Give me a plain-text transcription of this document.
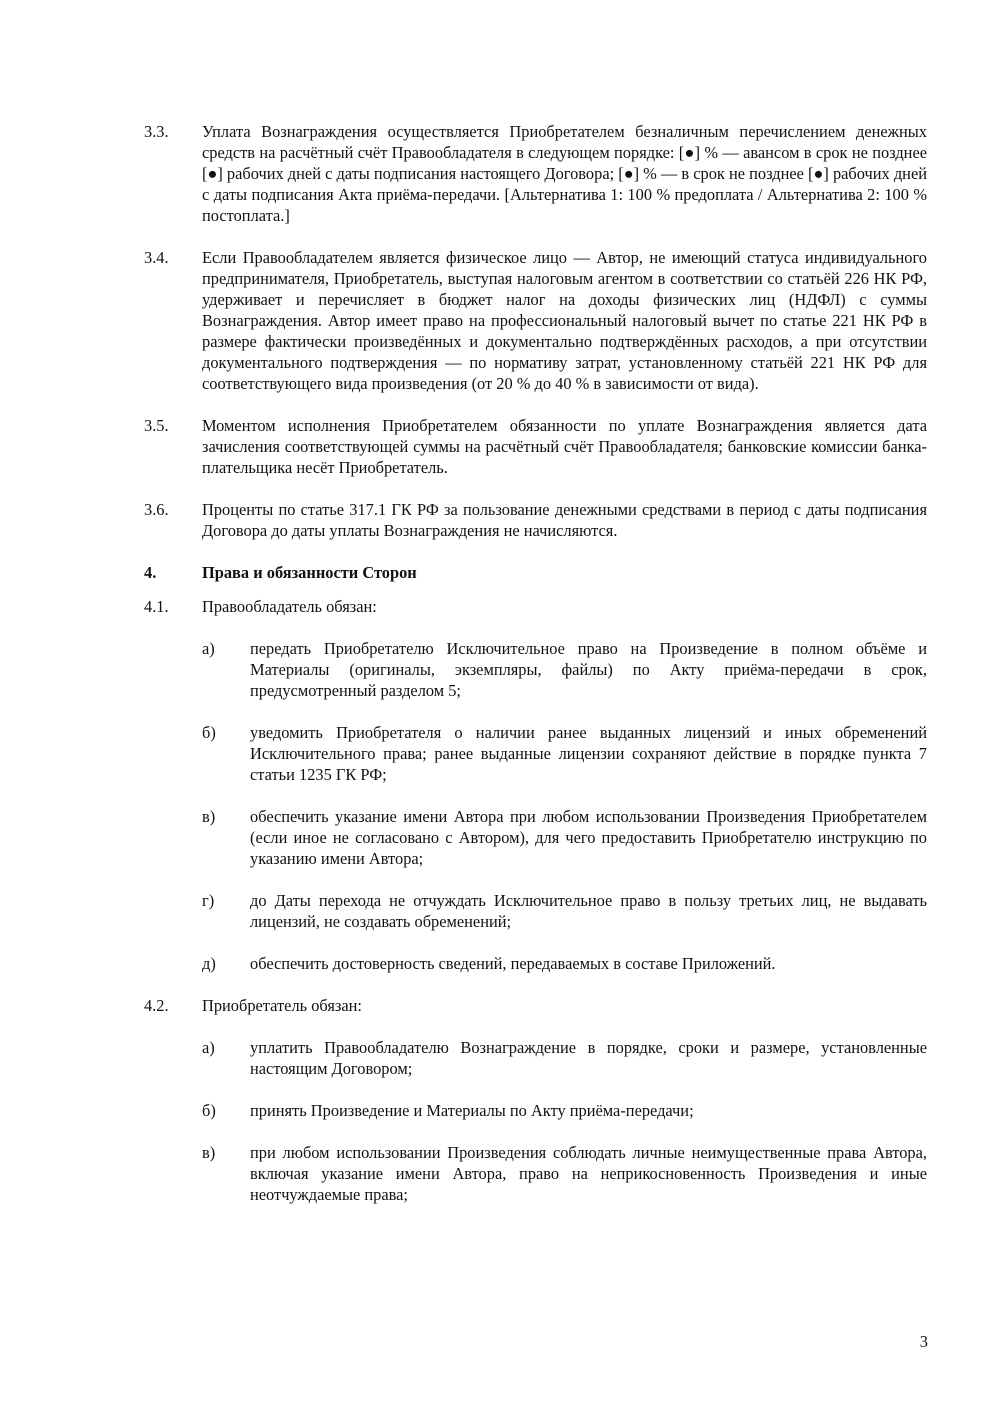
3.3.	Уплата Вознаграждения осуществляется Приобретателем безналичным перечислением денежных средств на расчётный счёт Правообладателя в следующем порядке: [●] % — авансом в срок не позднее [●] рабочих дней с даты подписания настоящего Договора; [●] % — в срок не позднее [●] рабочих дней с даты подписания Акта приёма-передачи. [Альтернатива 1: 100 % предоплата / Альтернатива 2: 100 % постоплата.]
3.4.	Если Правообладателем является физическое лицо — Автор, не имеющий статуса индивидуального предпринимателя, Приобретатель, выступая налоговым агентом в соответствии со статьёй 226 НК РФ, удерживает и перечисляет в бюджет налог на доходы физических лиц (НДФЛ) с суммы Вознаграждения. Автор имеет право на профессиональный налоговый вычет по статье 221 НК РФ в размере фактически произведённых и документально подтверждённых расходов, а при отсутствии документального подтверждения — по нормативу затрат, установленному статьёй 221 НК РФ для соответствующего вида произведения (от 20 % до 40 % в зависимости от вида).
3.5.	Моментом исполнения Приобретателем обязанности по уплате Вознаграждения является дата зачисления соответствующей суммы на расчётный счёт Правообладателя; банковские комиссии банка-плательщика несёт Приобретатель.
3.6.	Проценты по статье 317.1 ГК РФ за пользование денежными средствами в период с даты подписания Договора до даты уплаты Вознаграждения не начисляются.
4.	Права и обязанности Сторон
4.1.	Правообладатель обязан:
а)	передать Приобретателю Исключительное право на Произведение в полном объёме и Материалы (оригиналы, экземпляры, файлы) по Акту приёма-передачи в срок, предусмотренный разделом 5;
б)	уведомить Приобретателя о наличии ранее выданных лицензий и иных обременений Исключительного права; ранее выданные лицензии сохраняют действие в порядке пункта 7 статьи 1235 ГК РФ;
в)	обеспечить указание имени Автора при любом использовании Произведения Приобретателем (если иное не согласовано с Автором), для чего предоставить Приобретателю инструкцию по указанию имени Автора;
г)	до Даты перехода не отчуждать Исключительное право в пользу третьих лиц, не выдавать лицензий, не создавать обременений;
д)	обеспечить достоверность сведений, передаваемых в составе Приложений.
4.2.	Приобретатель обязан:
а)	уплатить Правообладателю Вознаграждение в порядке, сроки и размере, установленные настоящим Договором;
б)	принять Произведение и Материалы по Акту приёма-передачи;
в)	при любом использовании Произведения соблюдать личные неимущественные права Автора, включая указание имени Автора, право на неприкосновенность Произведения и иные неотчуждаемые права;
3
